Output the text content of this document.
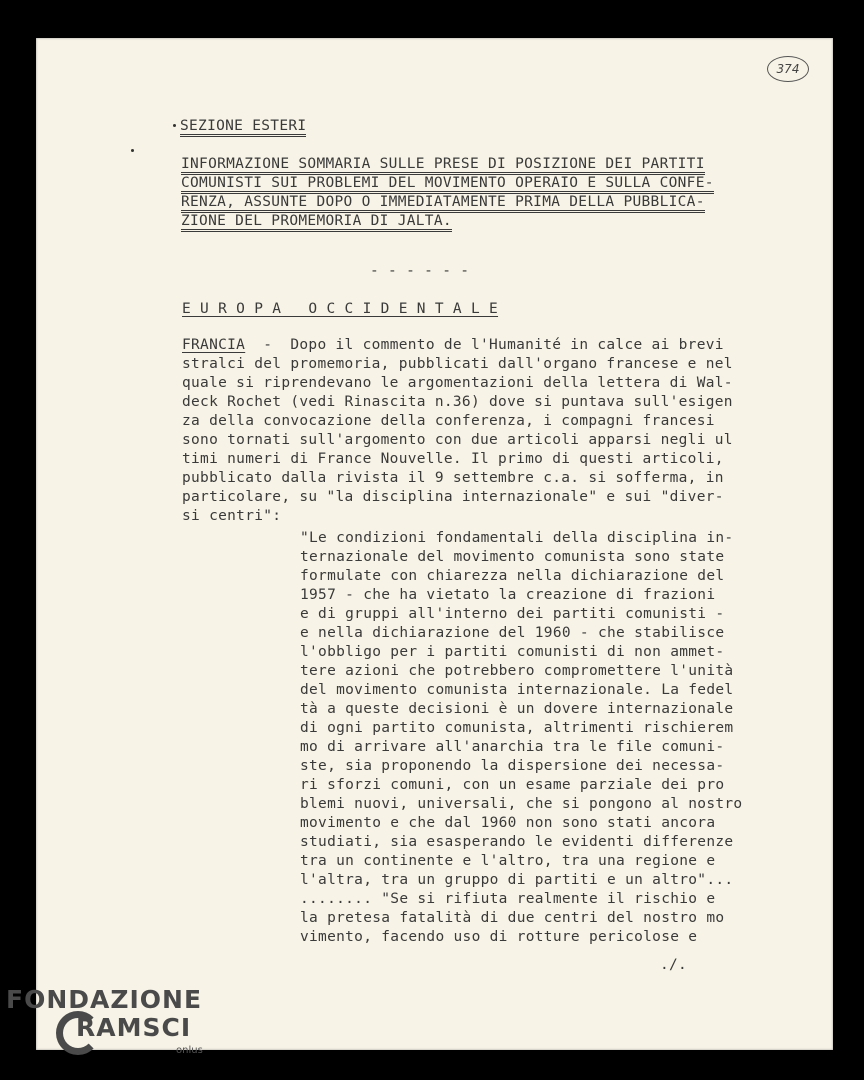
374
SEZIONE ESTERI
INFORMAZIONE SOMMARIA SULLE PRESE DI POSIZIONE DEI PARTITI
COMUNISTI SUI PROBLEMI DEL MOVIMENTO OPERAIO E SULLA CONFE-
RENZA, ASSUNTE DOPO O IMMEDIATAMENTE PRIMA DELLA PUBBLICA-
ZIONE DEL PROMEMORIA DI JALTA.
- - - - - -
E U R O P A   O C C I D E N T A L E
FRANCIA  -  Dopo il commento de l'Humanité in calce ai brevi
stralci del promemoria, pubblicati dall'organo francese e nel
quale si riprendevano le argomentazioni della lettera di Wal-
deck Rochet (vedi Rinascita n.36) dove si puntava sull'esigen
za della convocazione della conferenza, i compagni francesi
sono tornati sull'argomento con due articoli apparsi negli ul
timi numeri di France Nouvelle. Il primo di questi articoli,
pubblicato dalla rivista il 9 settembre c.a. si sofferma, in
particolare, su "la disciplina internazionale" e sui "diver-
si centri":
"Le condizioni fondamentali della disciplina in-
ternazionale del movimento comunista sono state
formulate con chiarezza nella dichiarazione del
1957 - che ha vietato la creazione di frazioni
e di gruppi all'interno dei partiti comunisti -
e nella dichiarazione del 1960 - che stabilisce
l'obbligo per i partiti comunisti di non ammet-
tere azioni che potrebbero compromettere l'unità
del movimento comunista internazionale. La fedel
tà a queste decisioni è un dovere internazionale
di ogni partito comunista, altrimenti rischierem
mo di arrivare all'anarchia tra le file comuni-
ste, sia proponendo la dispersione dei necessa-
ri sforzi comuni, con un esame parziale dei pro
blemi nuovi, universali, che si pongono al nostro
movimento e che dal 1960 non sono stati ancora
studiati, sia esasperando le evidenti differenze
tra un continente e l'altro, tra una regione e
l'altra, tra un gruppo di partiti e un altro"...
........ "Se si rifiuta realmente il rischio e
la pretesa fatalità di due centri del nostro mo
vimento, facendo uso di rotture pericolose e
./.
FONDAZIONE
RAMSCI
onlus
